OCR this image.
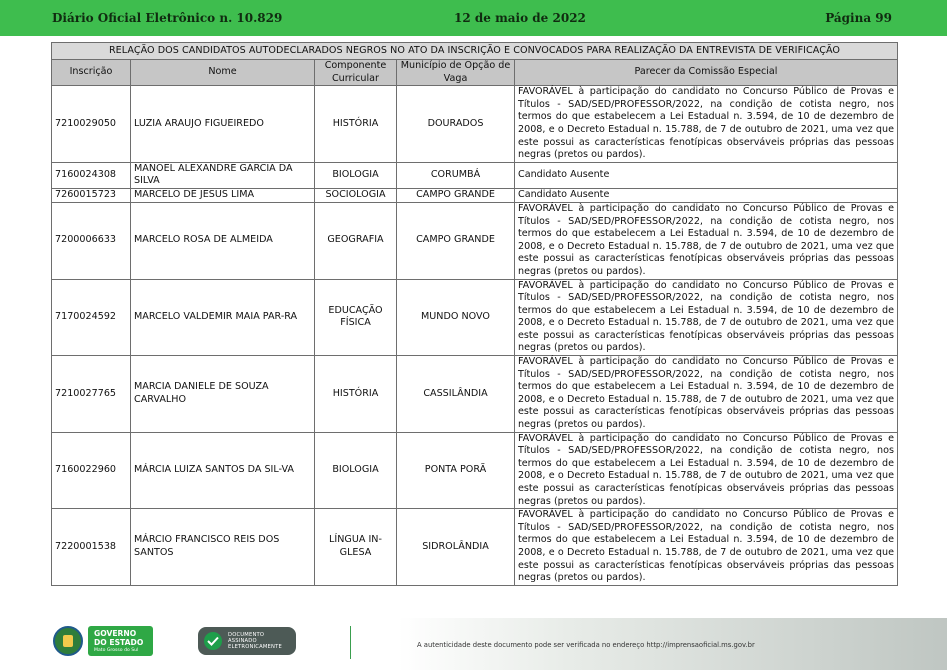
Diário Oficial Eletrônico n. 10.829	12 de maio de 2022	Página 99
RELAÇÃO DOS CANDIDATOS AUTODECLARADOS NEGROS NO ATO DA INSCRIÇÃO E CONVOCADOS PARA REALIZAÇÃO DA ENTREVISTA DE VERIFICAÇÃO				
Inscrição	Nome	Componente Curricular	Município de Opção de Vaga	Parecer da Comissão Especial
7210029050	LUZIA ARAUJO FIGUEIREDO	HISTÓRIA	DOURADOS	FAVORÁVEL à participação do candidato no Concurso Público de Provas e Títulos - SAD/SED/PROFESSOR/2022, na condição de cotista negro, nos termos do que estabelecem a Lei Estadual n. 3.594, de 10 de dezembro de 2008, e o Decreto Estadual n. 15.788, de 7 de outubro de 2021, uma vez que este possui as características fenotípicas observáveis próprias das pessoas negras (pretos ou pardos).
7160024308	MANOEL ALEXANDRE GARCIA DA SILVA	BIOLOGIA	CORUMBÁ	Candidato Ausente
7260015723	MARCELO DE JESUS LIMA	SOCIOLOGIA	CAMPO GRANDE	Candidato Ausente
7200006633	MARCELO ROSA DE ALMEIDA	GEOGRAFIA	CAMPO GRANDE	FAVORÁVEL à participação do candidato no Concurso Público de Provas e Títulos - SAD/SED/PROFESSOR/2022, na condição de cotista negro, nos termos do que estabelecem a Lei Estadual n. 3.594, de 10 de dezembro de 2008, e o Decreto Estadual n. 15.788, de 7 de outubro de 2021, uma vez que este possui as características fenotípicas observáveis próprias das pessoas negras (pretos ou pardos).
7170024592	MARCELO VALDEMIR MAIA PAR-RA	EDUCAÇÃO FÍSICA	MUNDO NOVO	FAVORÁVEL à participação do candidato no Concurso Público de Provas e Títulos - SAD/SED/PROFESSOR/2022, na condição de cotista negro, nos termos do que estabelecem a Lei Estadual n. 3.594, de 10 de dezembro de 2008, e o Decreto Estadual n. 15.788, de 7 de outubro de 2021, uma vez que este possui as características fenotípicas observáveis próprias das pessoas negras (pretos ou pardos).
7210027765	MARCIA DANIELE DE SOUZA CARVALHO	HISTÓRIA	CASSILÂNDIA	FAVORÁVEL à participação do candidato no Concurso Público de Provas e Títulos - SAD/SED/PROFESSOR/2022, na condição de cotista negro, nos termos do que estabelecem a Lei Estadual n. 3.594, de 10 de dezembro de 2008, e o Decreto Estadual n. 15.788, de 7 de outubro de 2021, uma vez que este possui as características fenotípicas observáveis próprias das pessoas negras (pretos ou pardos).
7160022960	MÁRCIA LUIZA SANTOS DA SIL-VA	BIOLOGIA	PONTA PORÃ	FAVORÁVEL à participação do candidato no Concurso Público de Provas e Títulos - SAD/SED/PROFESSOR/2022, na condição de cotista negro, nos termos do que estabelecem a Lei Estadual n. 3.594, de 10 de dezembro de 2008, e o Decreto Estadual n. 15.788, de 7 de outubro de 2021, uma vez que este possui as características fenotípicas observáveis próprias das pessoas negras (pretos ou pardos).
7220001538	MÁRCIO FRANCISCO REIS DOS SANTOS	LÍNGUA IN-GLESA	SIDROLÂNDIA	FAVORÁVEL à participação do candidato no Concurso Público de Provas e Títulos - SAD/SED/PROFESSOR/2022, na condição de cotista negro, nos termos do que estabelecem a Lei Estadual n. 3.594, de 10 de dezembro de 2008, e o Decreto Estadual n. 15.788, de 7 de outubro de 2021, uma vez que este possui as características fenotípicas observáveis próprias das pessoas negras (pretos ou pardos).
GOVERNO
DO ESTADO
Mato Grosso do Sul
DOCUMENTO
ASSINADO
ELETRONICAMENTE	A autenticidade deste documento pode ser verificada no endereço http://imprensaoficial.ms.gov.br
